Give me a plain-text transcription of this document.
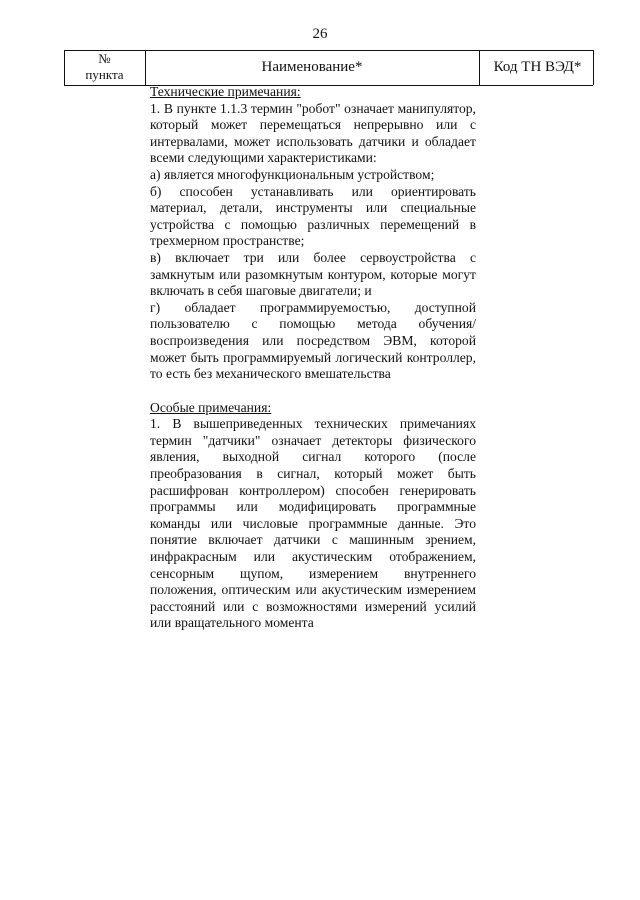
26
№
пункта	Наименование*	Код ТН ВЭД*
Технические примечания:

1. В пункте 1.1.3 термин "робот" означает манипулятор, который может перемещаться непрерывно или с интервалами, может использовать датчики и обладает всеми следующими характеристиками:

а) является многофункциональным устройством;

б) способен устанавливать или ориентировать материал, детали, инструменты или специальные устройства с помощью различных перемещений в трехмерном пространстве;

в) включает три или более сервоустройства с замкнутым или разомкнутым контуром, которые могут включать в себя шаговые двигатели; и

г) обладает программируемостью, доступной пользователю с помощью метода обучения/воспроизведения или посредством ЭВМ, которой может быть программируемый логический контроллер, то есть без механического вмешательства

Особые примечания:

1. В вышеприведенных технических примечаниях термин "датчики" означает детекторы физического явления, выходной сигнал которого (после преобразования в сигнал, который может быть расшифрован контроллером) способен генерировать программы или модифицировать программные команды или числовые программные данные. Это понятие включает датчики с машинным зрением, инфракрасным или акустическим отображением, сенсорным щупом, измерением внутреннего положения, оптическим или акустическим измерением расстояний или с возможностями измерений усилий или вращательного момента
